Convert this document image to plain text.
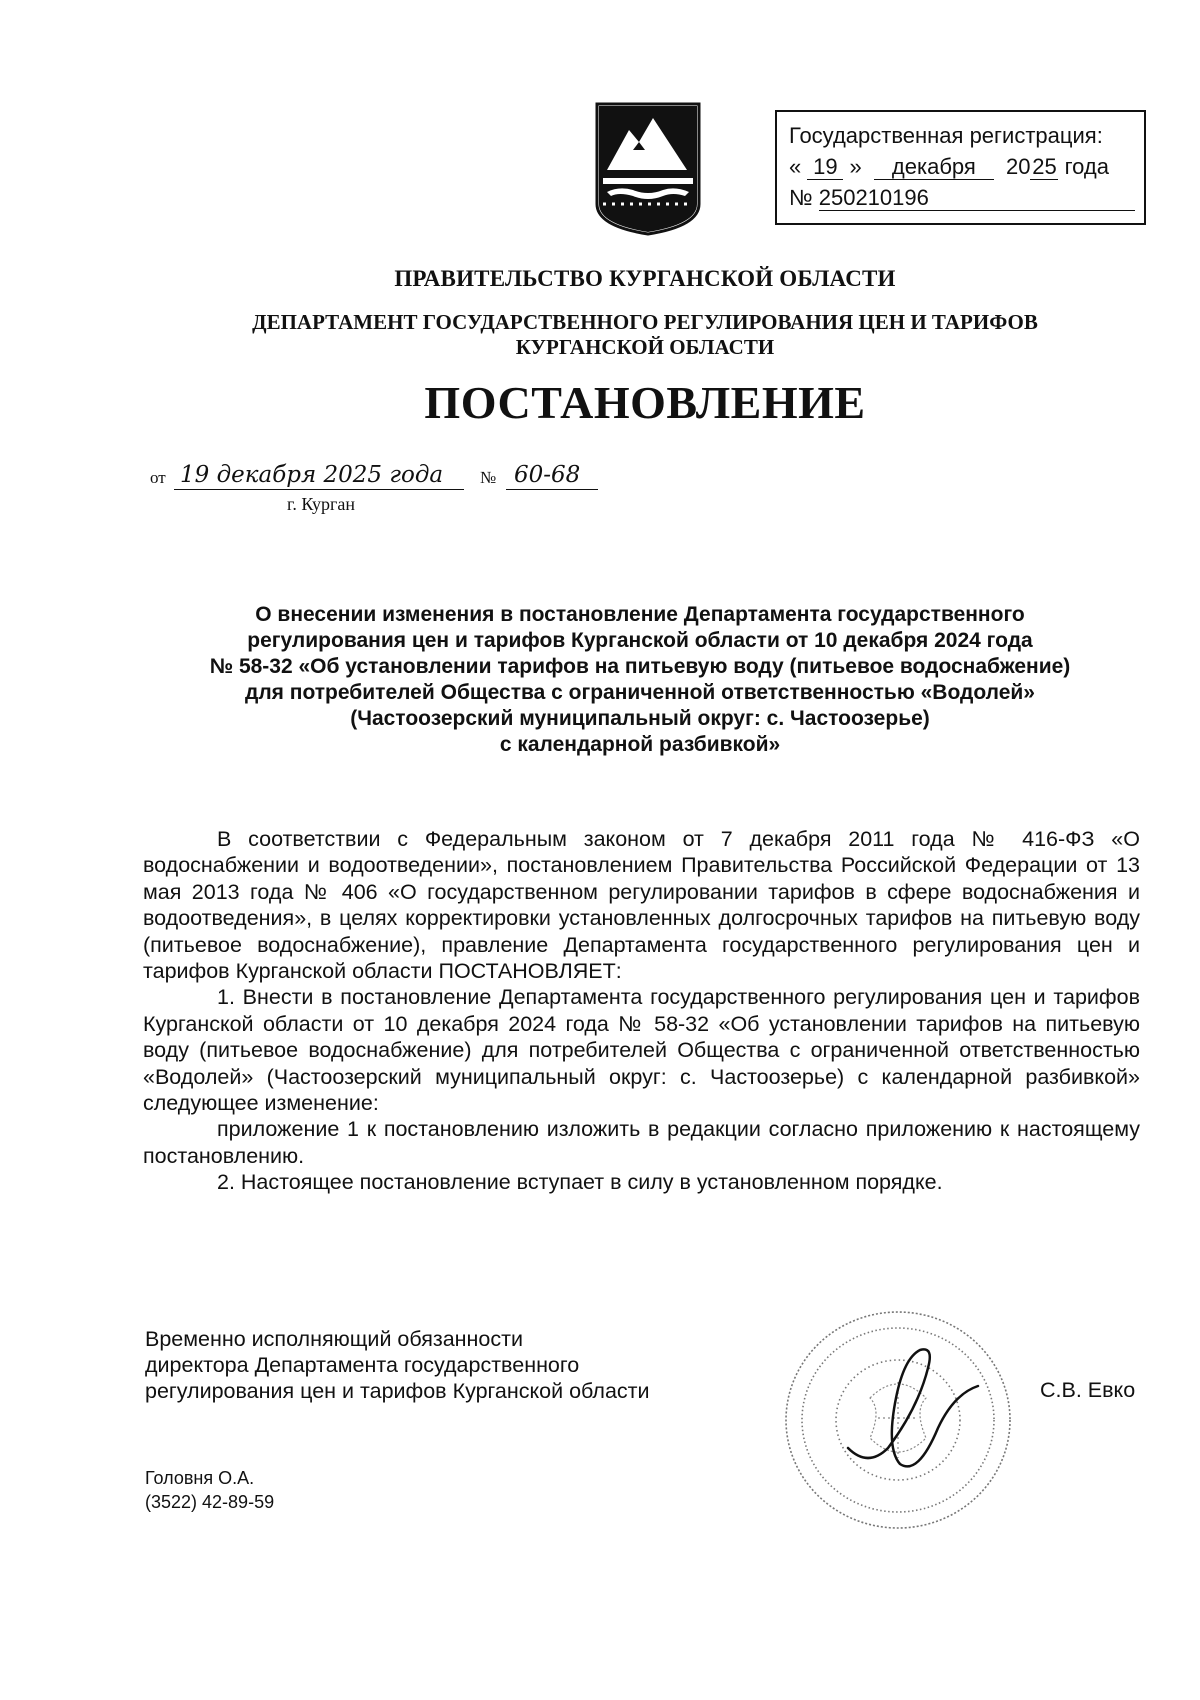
Государственная регистрация:
« 19 » декабря 2025 года
№ 250210196
ПРАВИТЕЛЬСТВО КУРГАНСКОЙ ОБЛАСТИ
ДЕПАРТАМЕНТ ГОСУДАРСТВЕННОГО РЕГУЛИРОВАНИЯ ЦЕН И ТАРИФОВ
КУРГАНСКОЙ ОБЛАСТИ
ПОСТАНОВЛЕНИЕ
от 19 декабря 2025 года № 60-68
г. Курган
О внесении изменения в постановление Департамента государственного
регулирования цен и тарифов Курганской области от 10 декабря 2024 года
№ 58-32 «Об установлении тарифов на питьевую воду (питьевое водоснабжение)
для потребителей Общества с ограниченной ответственностью «Водолей»
(Частоозерский муниципальный округ: с. Частоозерье)
с календарной разбивкой»

В соответствии с Федеральным законом от 7 декабря 2011 года № 416-ФЗ «О водоснабжении и водоотведении», постановлением Правительства Российской Федерации от 13 мая 2013 года № 406 «О государственном регулировании тарифов в сфере водоснабжения и водоотведения», в целях корректировки установленных долгосрочных тарифов на питьевую воду (питьевое водоснабжение), правление Департамента государственного регулирования цен и тарифов Курганской области ПОСТАНОВЛЯЕТ:

1. Внести в постановление Департамента государственного регулирования цен и тарифов Курганской области от 10 декабря 2024 года № 58-32 «Об установлении тарифов на питьевую воду (питьевое водоснабжение) для потребителей Общества с ограниченной ответственностью «Водолей» (Частоозерский муниципальный округ: с. Частоозерье) с календарной разбивкой» следующее изменение:

приложение 1 к постановлению изложить в редакции согласно приложению к настоящему постановлению.

2. Настоящее постановление вступает в силу в установленном порядке.

Временно исполняющий обязанности
директора Департамента государственного
регулирования цен и тарифов Курганской области	С.В. Евко
Головня О.А.
(3522) 42-89-59
